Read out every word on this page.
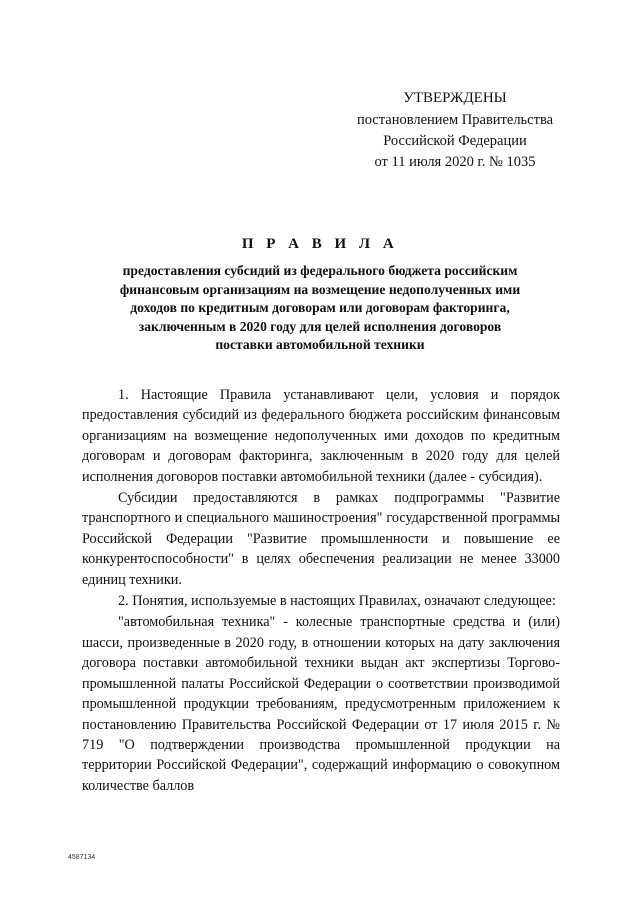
УТВЕРЖДЕНЫ
постановлением Правительства
Российской Федерации
от 11 июля 2020 г. № 1035
П Р А В И Л А
предоставления субсидий из федерального бюджета российским
финансовым организациям на возмещение недополученных ими
доходов по кредитным договорам или договорам факторинга,
заключенным в 2020 году для целей исполнения договоров
поставки автомобильной техники

1. Настоящие Правила устанавливают цели, условия и порядок предоставления субсидий из федерального бюджета российским финансовым организациям на возмещение недополученных ими доходов по кредитным договорам и договорам факторинга, заключенным в 2020 году для целей исполнения договоров поставки автомобильной техники (далее - субсидия).

Субсидии предоставляются в рамках подпрограммы "Развитие транспортного и специального машиностроения" государственной программы Российской Федерации "Развитие промышленности и повышение ее конкурентоспособности" в целях обеспечения реализации не менее 33000 единиц техники.

2. Понятия, используемые в настоящих Правилах, означают следующее:

"автомобильная техника" - колесные транспортные средства и (или) шасси, произведенные в 2020 году, в отношении которых на дату заключения договора поставки автомобильной техники выдан акт экспертизы Торгово-промышленной палаты Российской Федерации о соответствии производимой промышленной продукции требованиям, предусмотренным приложением к постановлению Правительства Российской Федерации от 17 июля 2015 г. № 719 "О подтверждении производства промышленной продукции на территории Российской Федерации", содержащий информацию о совокупном количестве баллов

4587134
